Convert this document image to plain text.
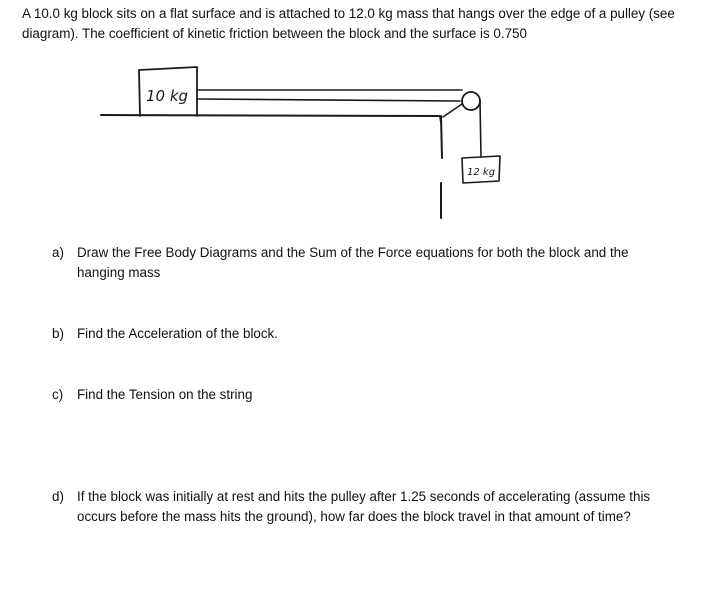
A 10.0 kg block sits on a flat surface and is attached to 12.0 kg mass that hangs over the edge of a pulley (see diagram). The coefficient of kinetic friction between the block and the surface is 0.750

10 kg
12 kg
a) Draw the Free Body Diagrams and the Sum of the Force equations for both the block and the hanging mass
b) Find the Acceleration of the block.
c)	Find the Tension on the string
d) If the block was initially at rest and hits the pulley after 1.25 seconds of accelerating (assume this occurs before the mass hits the ground), how far does the block travel in that amount of time?
